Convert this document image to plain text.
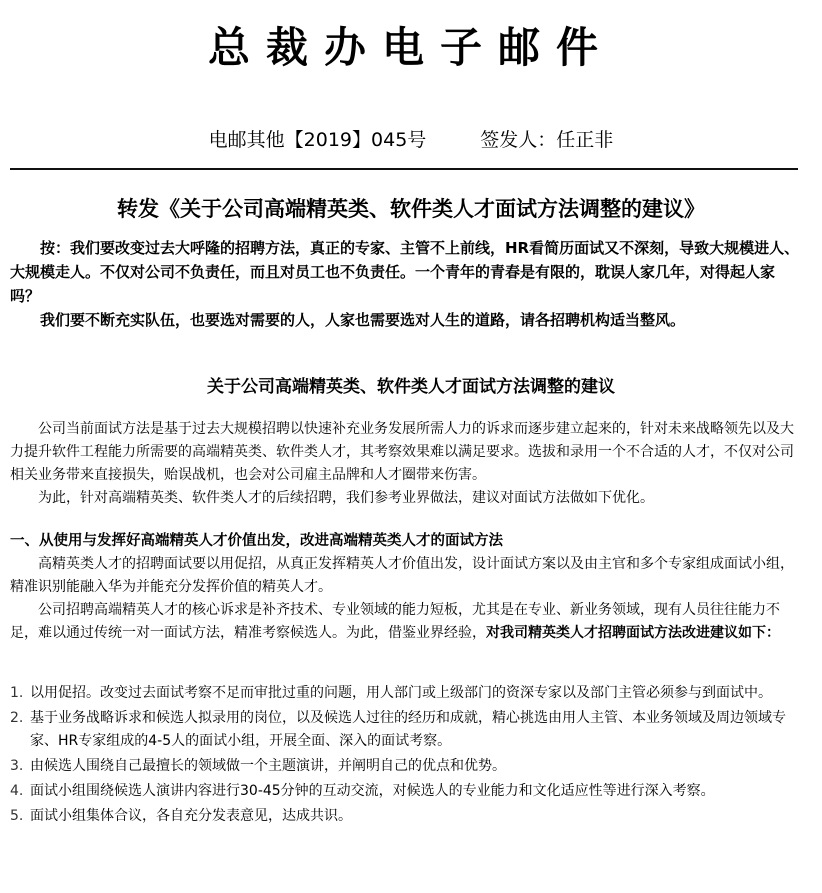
总裁办电子邮件
电邮其他【2019】045号	签发人：任正非
转发《关于公司高端精英类、软件类人才面试方法调整的建议》

按：我们要改变过去大呼隆的招聘方法，真正的专家、主管不上前线，HR看简历面试又不深刻，导致大规模进人、大规模走人。不仅对公司不负责任，而且对员工也不负责任。一个青年的青春是有限的，耽误人家几年，对得起人家吗？

我们要不断充实队伍，也要选对需要的人，人家也需要选对人生的道路，请各招聘机构适当整风。

关于公司高端精英类、软件类人才面试方法调整的建议

公司当前面试方法是基于过去大规模招聘以快速补充业务发展所需人力的诉求而逐步建立起来的，针对未来战略领先以及大力提升软件工程能力所需要的高端精英类、软件类人才，其考察效果难以满足要求。选拔和录用一个不合适的人才，不仅对公司相关业务带来直接损失，贻误战机，也会对公司雇主品牌和人才圈带来伤害。

为此，针对高端精英类、软件类人才的后续招聘，我们参考业界做法，建议对面试方法做如下优化。

一、从使用与发挥好高端精英人才价值出发，改进高端精英类人才的面试方法

高精英类人才的招聘面试要以用促招，从真正发挥精英人才价值出发，设计面试方案以及由主官和多个专家组成面试小组，精准识别能融入华为并能充分发挥价值的精英人才。

公司招聘高端精英人才的核心诉求是补齐技术、专业领域的能力短板，尤其是在专业、新业务领域，现有人员往往能力不足，难以通过传统一对一面试方法，精准考察候选人。为此，借鉴业界经验，对我司精英类人才招聘面试方法改进建议如下：

1. 以用促招。改变过去面试考察不足而审批过重的问题，用人部门或上级部门的资深专家以及部门主管必须参与到面试中。
2. 基于业务战略诉求和候选人拟录用的岗位，以及候选人过往的经历和成就，精心挑选由用人主管、本业务领域及周边领域专家、HR专家组成的4-5人的面试小组，开展全面、深入的面试考察。
3. 由候选人围绕自己最擅长的领域做一个主题演讲，并阐明自己的优点和优势。
4. 面试小组围绕候选人演讲内容进行30-45分钟的互动交流，对候选人的专业能力和文化适应性等进行深入考察。
5. 面试小组集体合议，各自充分发表意见，达成共识。
